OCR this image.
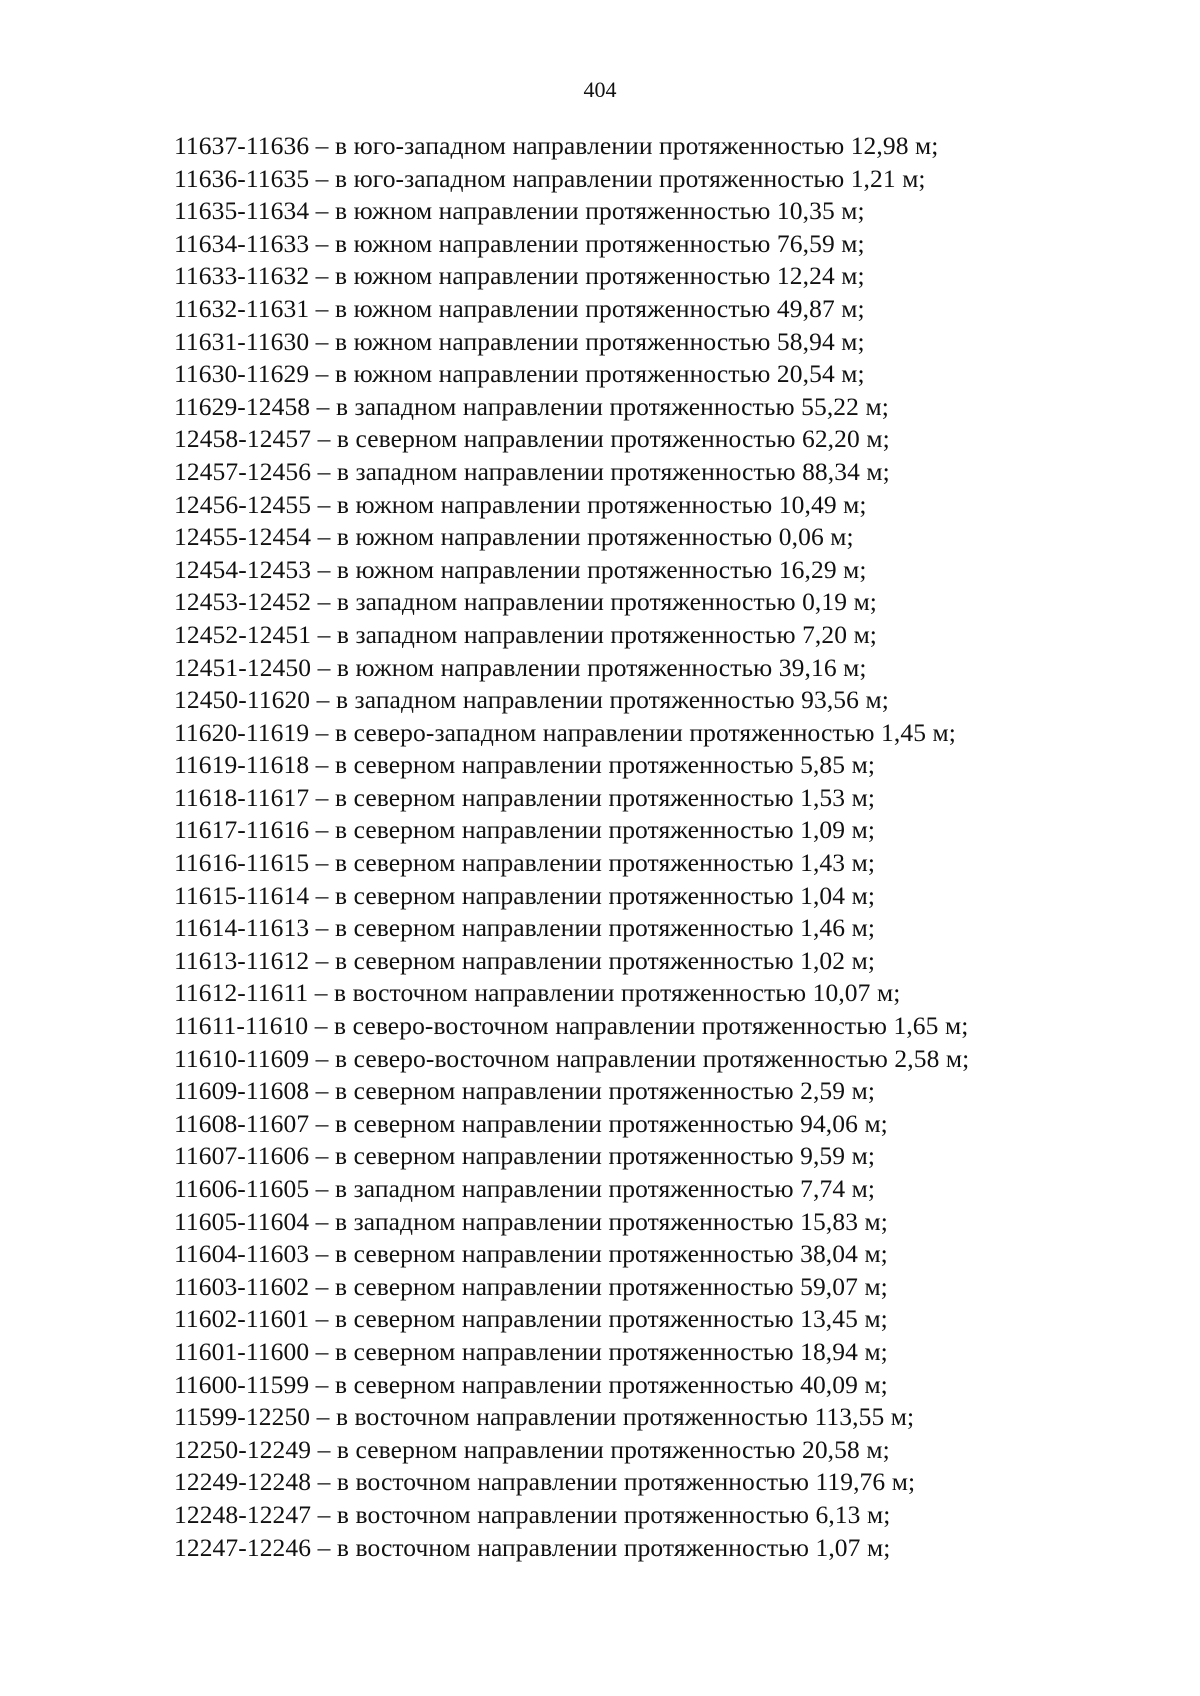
404
11637-11636 – в юго-западном направлении протяженностью 12,98 м;
11636-11635 – в юго-западном направлении протяженностью 1,21 м;
11635-11634 – в южном направлении протяженностью 10,35 м;
11634-11633 – в южном направлении протяженностью 76,59 м;
11633-11632 – в южном направлении протяженностью 12,24 м;
11632-11631 – в южном направлении протяженностью 49,87 м;
11631-11630 – в южном направлении протяженностью 58,94 м;
11630-11629 – в южном направлении протяженностью 20,54 м;
11629-12458 – в западном направлении протяженностью 55,22 м;
12458-12457 – в северном направлении протяженностью 62,20 м;
12457-12456 – в западном направлении протяженностью 88,34 м;
12456-12455 – в южном направлении протяженностью 10,49 м;
12455-12454 – в южном направлении протяженностью 0,06 м;
12454-12453 – в южном направлении протяженностью 16,29 м;
12453-12452 – в западном направлении протяженностью 0,19 м;
12452-12451 – в западном направлении протяженностью 7,20 м;
12451-12450 – в южном направлении протяженностью 39,16 м;
12450-11620 – в западном направлении протяженностью 93,56 м;
11620-11619 – в северо-западном направлении протяженностью 1,45 м;
11619-11618 – в северном направлении протяженностью 5,85 м;
11618-11617 – в северном направлении протяженностью 1,53 м;
11617-11616 – в северном направлении протяженностью 1,09 м;
11616-11615 – в северном направлении протяженностью 1,43 м;
11615-11614 – в северном направлении протяженностью 1,04 м;
11614-11613 – в северном направлении протяженностью 1,46 м;
11613-11612 – в северном направлении протяженностью 1,02 м;
11612-11611 – в восточном направлении протяженностью 10,07 м;
11611-11610 – в северо-восточном направлении протяженностью 1,65 м;
11610-11609 – в северо-восточном направлении протяженностью 2,58 м;
11609-11608 – в северном направлении протяженностью 2,59 м;
11608-11607 – в северном направлении протяженностью 94,06 м;
11607-11606 – в северном направлении протяженностью 9,59 м;
11606-11605 – в западном направлении протяженностью 7,74 м;
11605-11604 – в западном направлении протяженностью 15,83 м;
11604-11603 – в северном направлении протяженностью 38,04 м;
11603-11602 – в северном направлении протяженностью 59,07 м;
11602-11601 – в северном направлении протяженностью 13,45 м;
11601-11600 – в северном направлении протяженностью 18,94 м;
11600-11599 – в северном направлении протяженностью 40,09 м;
11599-12250 – в восточном направлении протяженностью 113,55 м;
12250-12249 – в северном направлении протяженностью 20,58 м;
12249-12248 – в восточном направлении протяженностью 119,76 м;
12248-12247 – в восточном направлении протяженностью 6,13 м;
12247-12246 – в восточном направлении протяженностью 1,07 м;
